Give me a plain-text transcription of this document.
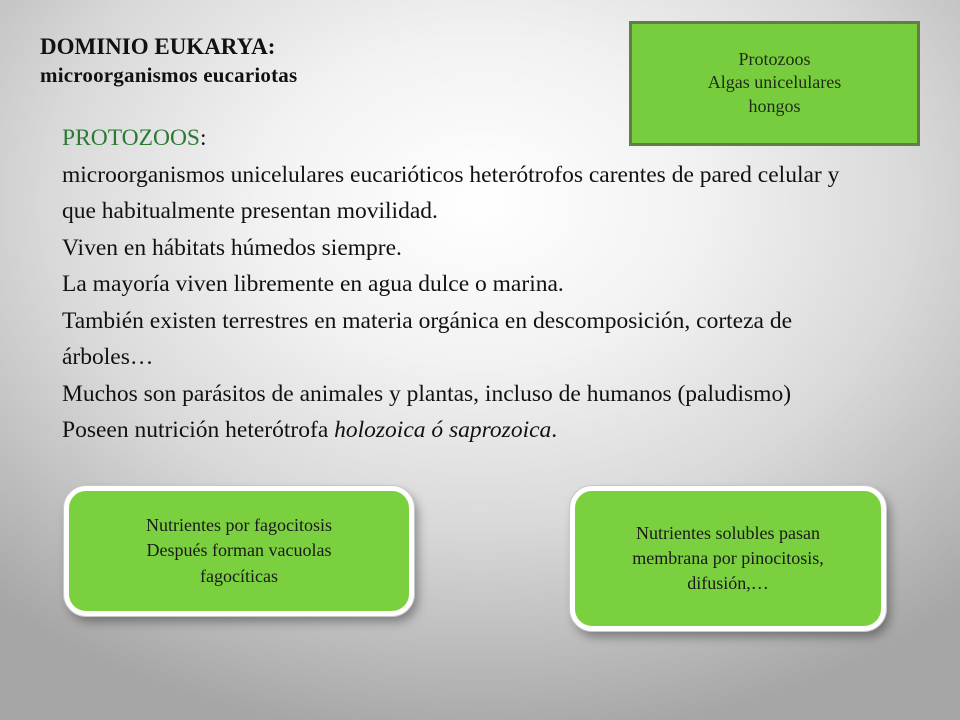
DOMINIO EUKARYA:
microorganismos eucariotas
Protozoos
Algas unicelulares
hongos

PROTOZOOS:

microorganismos unicelulares eucarióticos heterótrofos carentes de pared celular y que habitualmente presentan movilidad.

Viven en hábitats húmedos siempre.

La mayoría viven libremente en agua dulce o marina.

También existen terrestres en materia orgánica en descomposición, corteza de árboles…

Muchos son parásitos de animales y plantas, incluso de humanos (paludismo)

Poseen nutrición heterótrofa holozoica ó saprozoica.

Nutrientes por fagocitosis
Después forman vacuolas
fagocíticas
Nutrientes solubles pasan
membrana por pinocitosis,
difusión,…
